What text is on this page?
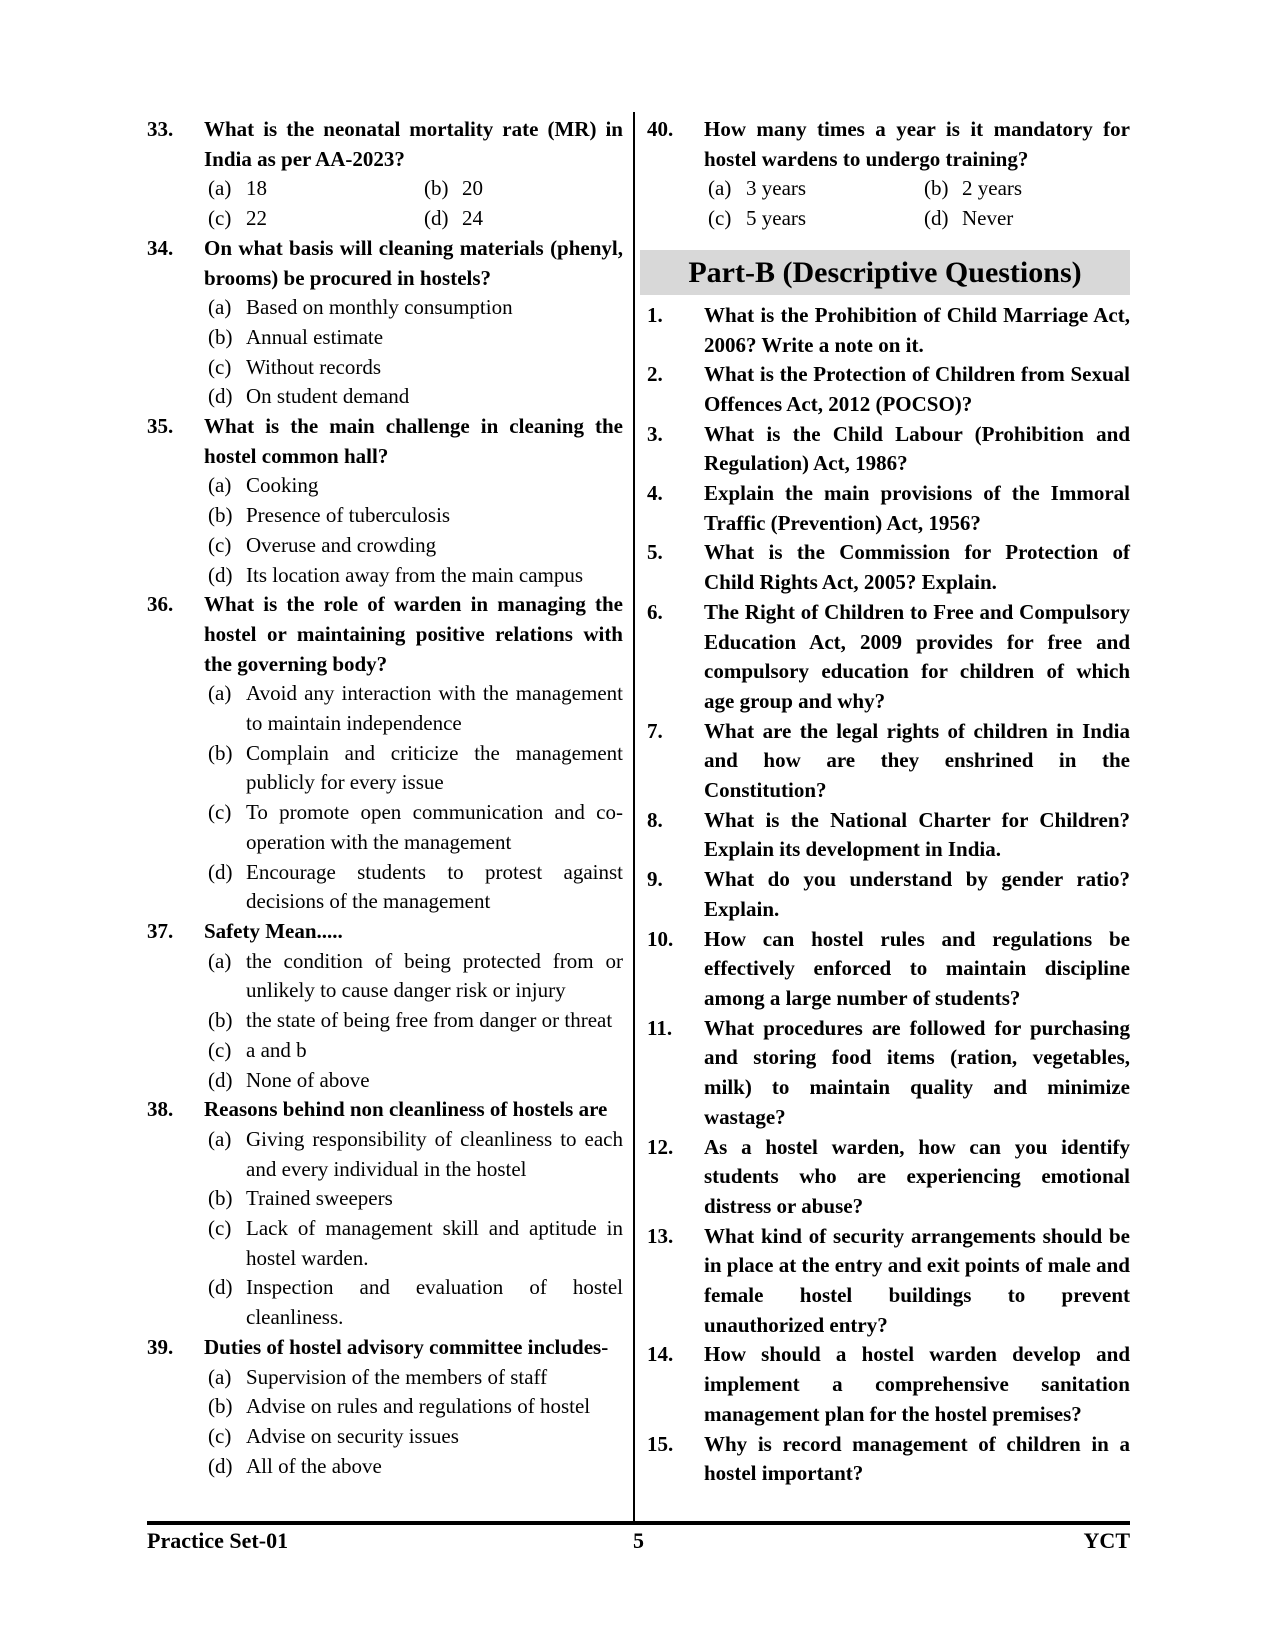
33.	What is the neonatal mortality rate (MR) in India as per AA-2023?
(a) 18	(b) 20
(c) 22	(d) 24
34.	On what basis will cleaning materials (phenyl, brooms) be procured in hostels?
(a) Based on monthly consumption
(b) Annual estimate
(c) Without records
(d) On student demand
35.	What is the main challenge in cleaning the hostel common hall?
(a) Cooking
(b) Presence of tuberculosis
(c) Overuse and crowding
(d) Its location away from the main campus
36.	What is the role of warden in managing the hostel or maintaining positive relations with the governing body?
(a) Avoid any interaction with the management to maintain independence
(b) Complain and criticize the management publicly for every issue
(c) To promote open communication and co-operation with the management
(d) Encourage students to protest against decisions of the management
37.	Safety Mean.....
(a) the condition of being protected from or unlikely to cause danger risk or injury
(b) the state of being free from danger or threat
(c) a and b
(d) None of above
38.	Reasons behind non cleanliness of hostels are
(a) Giving responsibility of cleanliness to each and every individual in the hostel
(b) Trained sweepers
(c) Lack of management skill and aptitude in hostel warden.
(d) Inspection and evaluation of hostel cleanliness.
39.	Duties of hostel advisory committee includes-
(a) Supervision of the members of staff
(b) Advise on rules and regulations of hostel
(c) Advise on security issues
(d) All of the above
40.	How many times a year is it mandatory for hostel wardens to undergo training?
(a) 3 years	(b) 2 years
(c) 5 years	(d) Never
Part-B (Descriptive Questions)
1.	What is the Prohibition of Child Marriage Act, 2006? Write a note on it.
2.	What is the Protection of Children from Sexual Offences Act, 2012 (POCSO)?
3.	What is the Child Labour (Prohibition and Regulation) Act, 1986?
4.	Explain the main provisions of the Immoral Traffic (Prevention) Act, 1956?
5.	What is the Commission for Protection of Child Rights Act, 2005? Explain.
6.	The Right of Children to Free and Compulsory Education Act, 2009 provides for free and compulsory education for children of which age group and why?
7.	What are the legal rights of children in India and how are they enshrined in the Constitution?
8.	What is the National Charter for Children? Explain its development in India.
9.	What do you understand by gender ratio? Explain.
10.	How can hostel rules and regulations be effectively enforced to maintain discipline among a large number of students?
11.	What procedures are followed for purchasing and storing food items (ration, vegetables, milk) to maintain quality and minimize wastage?
12.	As a hostel warden, how can you identify students who are experiencing emotional distress or abuse?
13.	What kind of security arrangements should be in place at the entry and exit points of male and female hostel buildings to prevent unauthorized entry?
14.	How should a hostel warden develop and implement a comprehensive sanitation management plan for the hostel premises?
15.	Why is record management of children in a hostel important?
Practice Set-01	5	YCT
